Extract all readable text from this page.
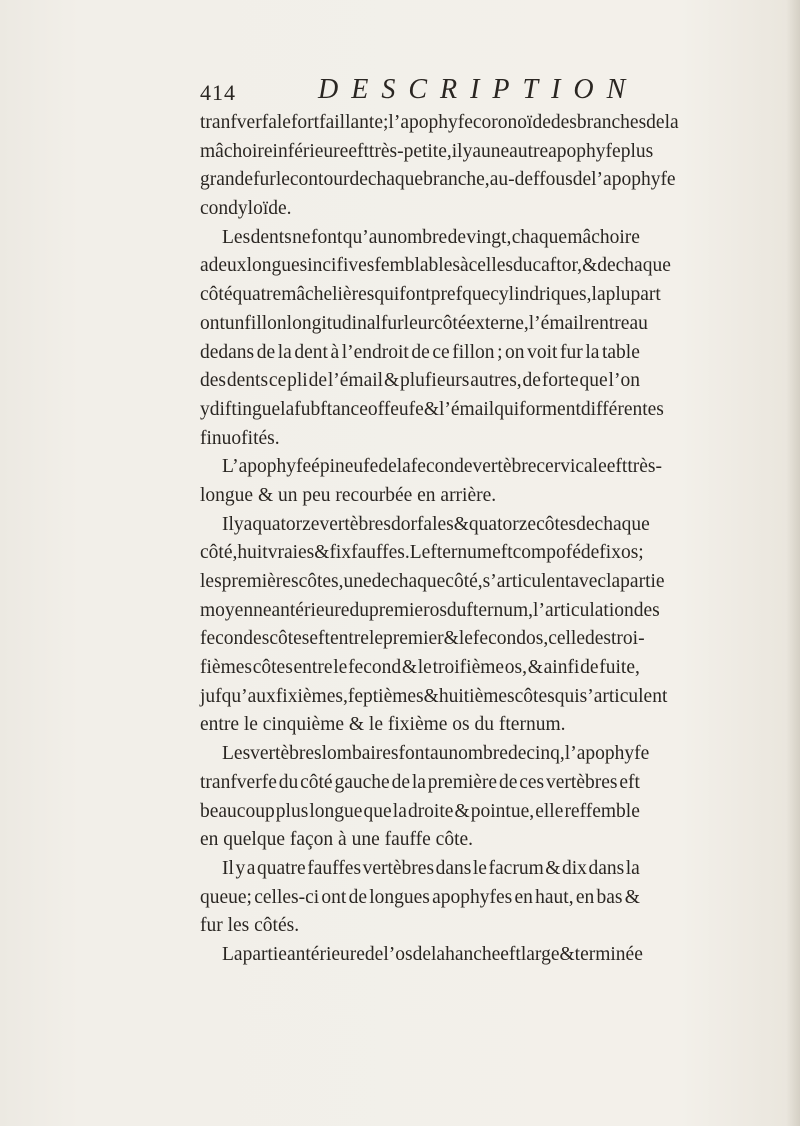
414	DESCRIPTION
tranfverfale fort faillante ; l’apophyfe coronoïde des branches de la
mâchoire inférieure eft très-petite, il y a une autre apophyfe plus
grande fur le contour de chaque branche, au-deffous de l’apophyfe
condyloïde.
Les dents ne font qu’au nombre de vingt, chaque mâchoire
a deux longues incifives femblables à celles du caftor, & de chaque
côté quatre mâchelières qui font prefque cylindriques, la plupart
ont un fillon longitudinal fur leur côté externe, l’émail rentre au
dedans de la dent à l’endroit de ce fillon ; on voit fur la table
des dents ce pli de l’émail & plufieurs autres, de forte que l’on
y diftingue la fubftance offeufe & l’émail qui forment différentes
finuofités.
L’apophyfe épineufe de la feconde vertèbre cervicale eft très-
longue & un peu recourbée en arrière.
Il y a quatorze vertèbres dorfales & quatorze côtes de chaque
côté, huit vraies & fix fauffes. Le fternum eft compofé de fix os;
les premières côtes, une de chaque côté, s’articulent avec la partie
moyenne antérieure du premier os du fternum, l’articulation des
fecondes côtes eft entre le premier & le fecond os, celle des troi-
fièmes côtes entre le fecond & le troifième os, & ainfi de fuite,
jufqu’aux fixièmes, feptièmes & huitièmes côtes qui s’articulent
entre le cinquième & le fixième os du fternum.
Les vertèbres lombaires font au nombre de cinq, l’apophyfe
tranfverfe du côté gauche de la première de ces vertèbres eft
beaucoup plus longue que la droite & pointue, elle reffemble
en quelque façon à une fauffe côte.
Il y a quatre fauffes vertèbres dans le facrum & dix dans la
queue; celles-ci ont de longues apophyfes en haut, en bas &
fur les côtés.
La partie antérieure de l’os de la hanche eft large & terminée
